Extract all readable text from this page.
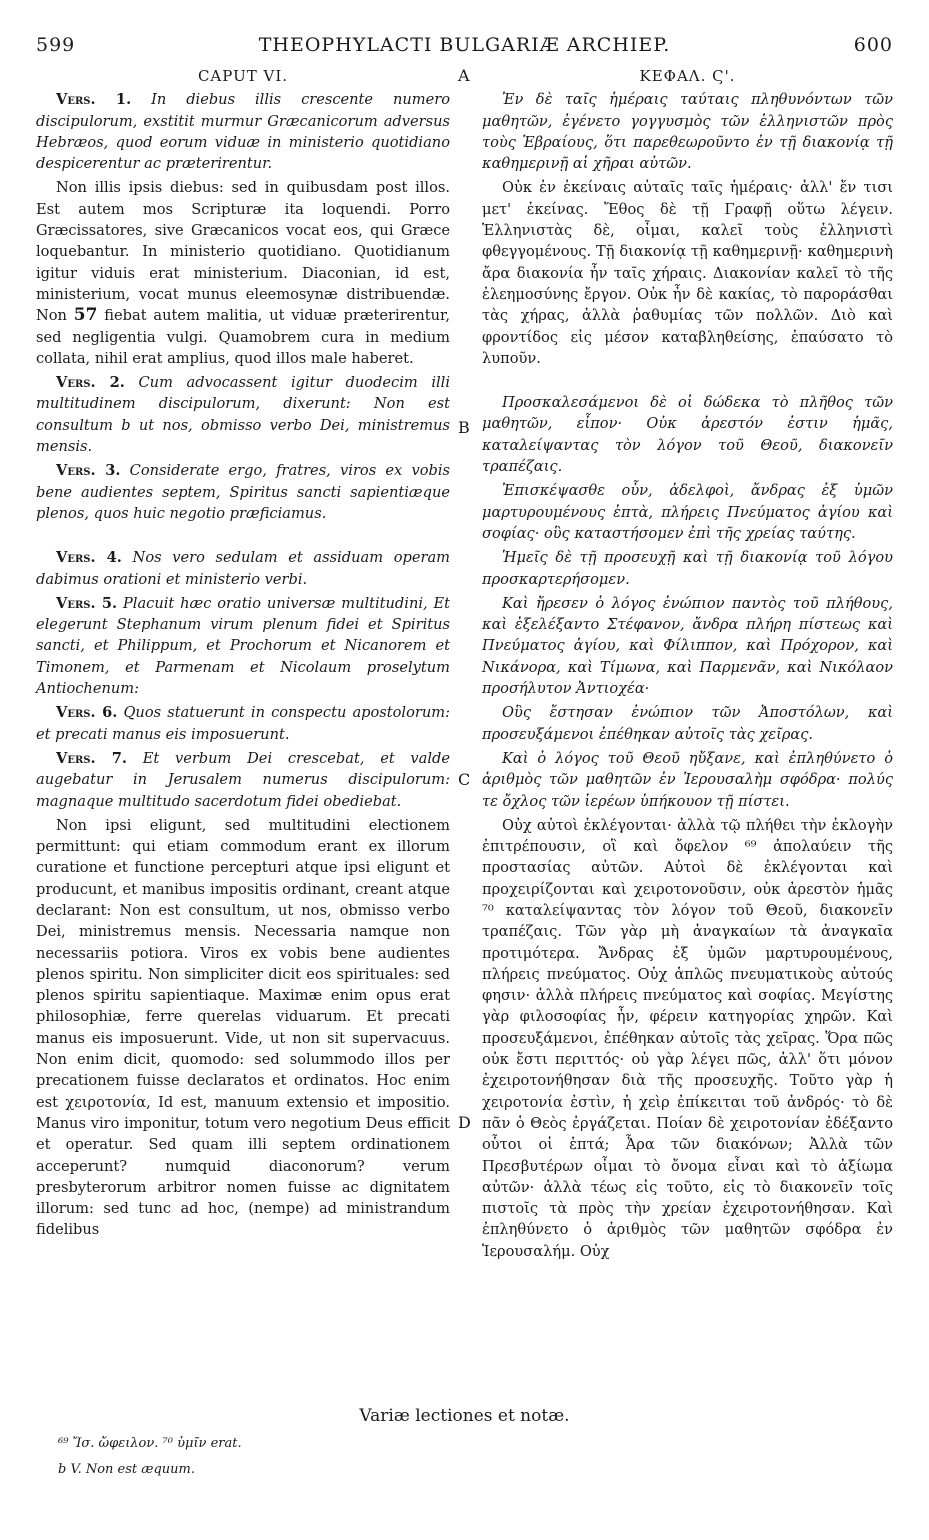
599	THEOPHYLACTI BULGARIÆ ARCHIEP.	600
A
B
C
D

CAPUT VI.

Vers. 1. In diebus illis crescente numero discipulorum, exstitit murmur Græcanicorum adversus Hebræos, quod eorum viduæ in ministerio quotidiano despicerentur ac præterirentur.

Non illis ipsis diebus: sed in quibusdam post illos. Est autem mos Scripturæ ita loquendi. Porro Græcissatores, sive Græcanicos vocat eos, qui Græce loquebantur. In ministerio quotidiano. Quotidianum igitur viduis erat ministerium. Diaconian, id est, ministerium, vocat munus eleemosynæ distribuendæ. Non 57 fiebat autem malitia, ut viduæ præterirentur, sed negligentia vulgi. Quamobrem cura in medium collata, nihil erat amplius, quod illos male haberet.

Vers. 2. Cum advocassent igitur duodecim illi multitudinem discipulorum, dixerunt: Non est consultum b ut nos, obmisso verbo Dei, ministremus mensis.

Vers. 3. Considerate ergo, fratres, viros ex vobis bene audientes septem, Spiritus sancti sapientiæque plenos, quos huic negotio præficiamus.

Vers. 4. Nos vero sedulam et assiduam operam dabimus orationi et ministerio verbi.

Vers. 5. Placuit hæc oratio universæ multitudini, Et elegerunt Stephanum virum plenum fidei et Spiritus sancti, et Philippum, et Prochorum et Nicanorem et Timonem, et Parmenam et Nicolaum proselytum Antiochenum:

Vers. 6. Quos statuerunt in conspectu apostolorum: et precati manus eis imposuerunt.

Vers. 7. Et verbum Dei crescebat, et valde augebatur in Jerusalem numerus discipulorum: magnaque multitudo sacerdotum fidei obediebat.

Non ipsi eligunt, sed multitudini electionem permittunt: qui etiam commodum erant ex illorum curatione et functione percepturi atque ipsi eligunt et producunt, et manibus impositis ordinant, creant atque declarant: Non est consultum, ut nos, obmisso verbo Dei, ministremus mensis. Necessaria namque non necessariis potiora. Viros ex vobis bene audientes plenos spiritu. Non simpliciter dicit eos spirituales: sed plenos spiritu sapientiaque. Maximæ enim opus erat philosophiæ, ferre querelas viduarum. Et precati manus eis imposuerunt. Vide, ut non sit supervacuus. Non enim dicit, quomodo: sed solummodo illos per precationem fuisse declaratos et ordinatos. Hoc enim est χειροτονία, Id est, manuum extensio et impositio. Manus viro imponitur, totum vero negotium Deus efficit et operatur. Sed quam illi septem ordinationem acceperunt? numquid diaconorum? verum presbyterorum arbitror nomen fuisse ac dignitatem illorum: sed tunc ad hoc, (nempe) ad ministrandum fidelibus

ΚΕΦΑΛ. Ϛ'.

Ἐν δὲ ταῖς ἡμέραις ταύταις πληθυνόντων τῶν μαθητῶν, ἐγένετο γογγυσμὸς τῶν ἑλληνιστῶν πρὸς τοὺς Ἑβραίους, ὅτι παρεθεωροῦντο ἐν τῇ διακονίᾳ τῇ καθημερινῇ αἱ χῆραι αὐτῶν.

Οὐκ ἐν ἐκείναις αὐταῖς ταῖς ἡμέραις· ἀλλ' ἔν τισι μετ' ἐκείνας. Ἔθος δὲ τῇ Γραφῇ οὕτω λέγειν. Ἑλληνιστὰς δὲ, οἶμαι, καλεῖ τοὺς ἑλληνιστὶ φθεγγομένους. Τῇ διακονίᾳ τῇ καθημερινῇ· καθημερινὴ ἄρα διακονία ἦν ταῖς χήραις. Διακονίαν καλεῖ τὸ τῆς ἐλεημοσύνης ἔργον. Οὐκ ἦν δὲ κακίας, τὸ παροράσθαι τὰς χήρας, ἀλλὰ ῥαθυμίας τῶν πολλῶν. Διὸ καὶ φροντίδος εἰς μέσον καταβληθείσης, ἐπαύσατο τὸ λυποῦν.

Προσκαλεσάμενοι δὲ οἱ δώδεκα τὸ πλῆθος τῶν μαθητῶν, εἶπον· Οὐκ ἀρεστόν ἐστιν ἡμᾶς, καταλείψαντας τὸν λόγον τοῦ Θεοῦ, διακονεῖν τραπέζαις.

Ἐπισκέψασθε οὖν, ἀδελφοὶ, ἄνδρας ἐξ ὑμῶν μαρτυρουμένους ἑπτὰ, πλήρεις Πνεύματος ἁγίου καὶ σοφίας· οὓς καταστήσομεν ἐπὶ τῆς χρείας ταύτης.

Ἡμεῖς δὲ τῇ προσευχῇ καὶ τῇ διακονίᾳ τοῦ λόγου προσκαρτερήσομεν.

Καὶ ἤρεσεν ὁ λόγος ἐνώπιον παντὸς τοῦ πλήθους, καὶ ἐξελέξαντο Στέφανον, ἄνδρα πλήρη πίστεως καὶ Πνεύματος ἁγίου, καὶ Φίλιππον, καὶ Πρόχορον, καὶ Νικάνορα, καὶ Τίμωνα, καὶ Παρμενᾶν, καὶ Νικόλαον προσήλυτον Ἀντιοχέα·

Οὓς ἔστησαν ἐνώπιον τῶν Ἀποστόλων, καὶ προσευξάμενοι ἐπέθηκαν αὐτοῖς τὰς χεῖρας.

Καὶ ὁ λόγος τοῦ Θεοῦ ηὔξανε, καὶ ἐπληθύνετο ὁ ἀριθμὸς τῶν μαθητῶν ἐν Ἱερουσαλὴμ σφόδρα· πολύς τε ὄχλος τῶν ἱερέων ὑπήκουον τῇ πίστει.

Οὐχ αὐτοὶ ἐκλέγονται· ἀλλὰ τῷ πλήθει τὴν ἐκλογὴν ἐπιτρέπουσιν, οἳ καὶ ὄφελον ⁶⁹ ἀπολαύειν τῆς προστασίας αὐτῶν. Αὐτοὶ δὲ ἐκλέγονται καὶ προχειρίζονται καὶ χειροτονοῦσιν, οὐκ ἀρεστὸν ἡμᾶς ⁷⁰ καταλείψαντας τὸν λόγον τοῦ Θεοῦ, διακονεῖν τραπέζαις. Τῶν γὰρ μὴ ἀναγκαίων τὰ ἀναγκαῖα προτιμότερα. Ἄνδρας ἐξ ὑμῶν μαρτυρουμένους, πλήρεις πνεύματος. Οὐχ ἁπλῶς πνευματικοὺς αὐτούς φησιν· ἀλλὰ πλήρεις πνεύματος καὶ σοφίας. Μεγίστης γὰρ φιλοσοφίας ἦν, φέρειν κατηγορίας χηρῶν. Καὶ προσευξάμενοι, ἐπέθηκαν αὐτοῖς τὰς χεῖρας. Ὅρα πῶς οὐκ ἔστι περιττός· οὐ γὰρ λέγει πῶς, ἀλλ' ὅτι μόνον ἐχειροτονήθησαν διὰ τῆς προσευχῆς. Τοῦτο γὰρ ἡ χειροτονία ἐστὶν, ἡ χεὶρ ἐπίκειται τοῦ ἀνδρός· τὸ δὲ πᾶν ὁ Θεὸς ἐργάζεται. Ποίαν δὲ χειροτονίαν ἐδέξαντο οὗτοι οἱ ἑπτά; Ἆρα τῶν διακόνων; Ἀλλὰ τῶν Πρεσβυτέρων οἶμαι τὸ ὄνομα εἶναι καὶ τὸ ἀξίωμα αὐτῶν· ἀλλὰ τέως εἰς τοῦτο, εἰς τὸ διακονεῖν τοῖς πιστοῖς τὰ πρὸς τὴν χρείαν ἐχειροτονήθησαν. Καὶ ἐπληθύνετο ὁ ἀριθμὸς τῶν μαθητῶν σφόδρα ἐν Ἱερουσαλήμ. Οὐχ

Variæ lectiones et notæ.
⁶⁹ Ἴσ. ὤφειλον. ⁷⁰ ὑμῖν erat.
b V. Non est æquum.
